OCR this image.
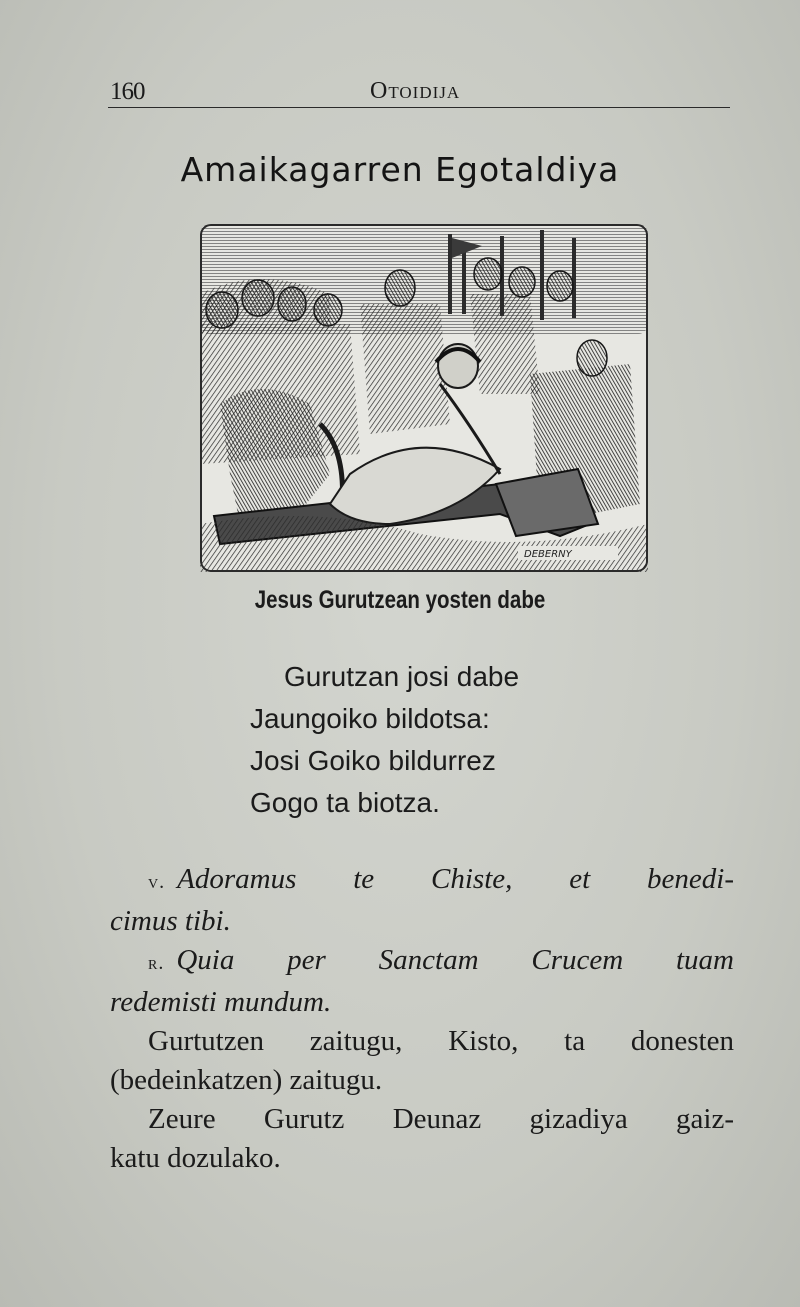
160	Otoidija
Amaikagarren Egotaldiya
DEBERNY
Jesus Gurutzean yosten dabe
Gurutzan josi dabe
Jaungoiko bildotsa:
Josi Goiko bildurrez
Gogo ta biotza.

v. Adoramus te Chiste, et benedi-

cimus tibi.

r. Quia per Sanctam Crucem tuam

redemisti mundum.

Gurtutzen zaitugu, Kisto, ta donesten

(bedeinkatzen) zaitugu.

Zeure Gurutz Deunaz gizadiya gaiz-

katu dozulako.
